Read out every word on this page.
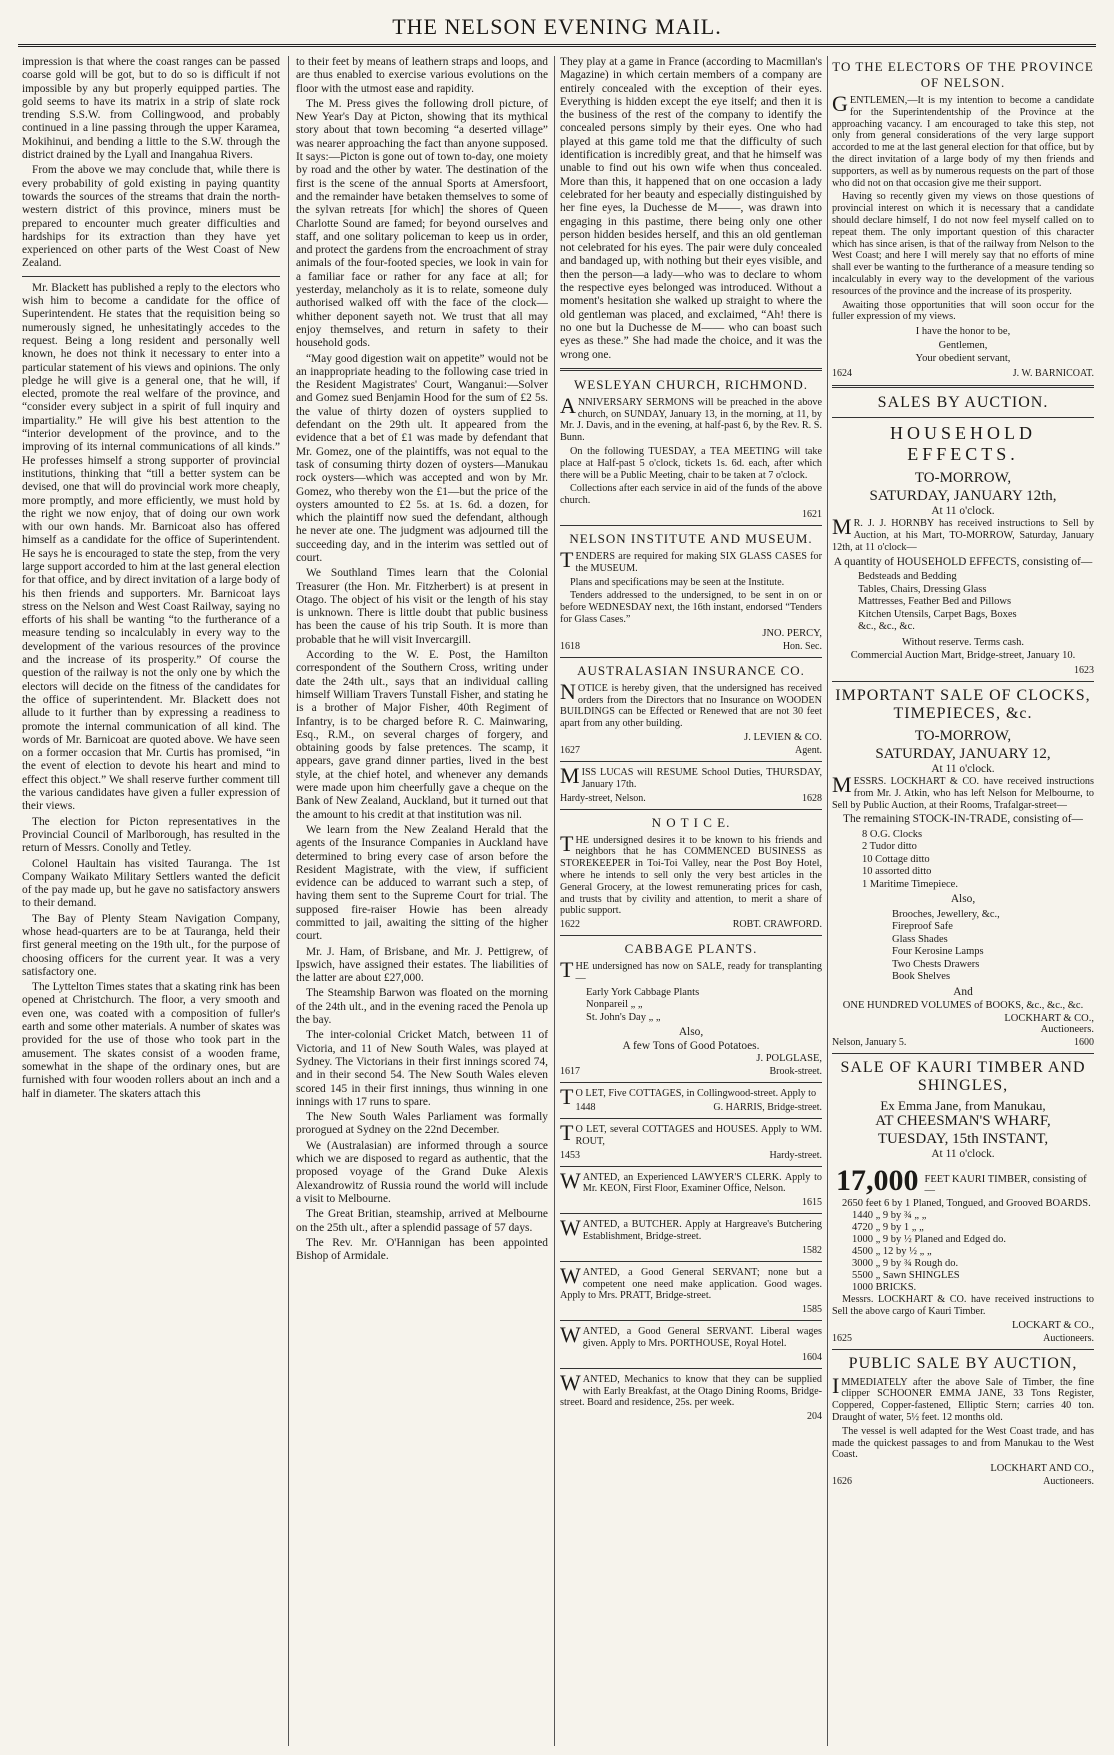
THE NELSON EVENING MAIL.

impression is that where the coast ranges can be passed coarse gold will be got, but to do so is difficult if not impossible by any but properly equipped parties. The gold seems to have its matrix in a strip of slate rock trending S.S.W. from Collingwood, and probably continued in a line passing through the upper Karamea, Mokihinui, and bending a little to the S.W. through the district drained by the Lyall and Inangahua Rivers.

From the above we may conclude that, while there is every probability of gold existing in paying quantity towards the sources of the streams that drain the north-western district of this province, miners must be prepared to encounter much greater difficulties and hardships for its extraction than they have yet experienced on other parts of the West Coast of New Zealand.

Mr. Blackett has published a reply to the electors who wish him to become a candidate for the office of Superintendent. He states that the requisition being so numerously signed, he unhesitatingly accedes to the request. Being a long resident and personally well known, he does not think it necessary to enter into a particular statement of his views and opinions. The only pledge he will give is a general one, that he will, if elected, promote the real welfare of the province, and “consider every subject in a spirit of full inquiry and impartiality.” He will give his best attention to the “interior development of the province, and to the improving of its internal communications of all kinds.” He professes himself a strong supporter of provincial institutions, thinking that “till a better system can be devised, one that will do provincial work more cheaply, more promptly, and more efficiently, we must hold by the right we now enjoy, that of doing our own work with our own hands. Mr. Barnicoat also has offered himself as a candidate for the office of Superintendent. He says he is encouraged to state the step, from the very large support accorded to him at the last general election for that office, and by direct invitation of a large body of his then friends and supporters. Mr. Barnicoat lays stress on the Nelson and West Coast Railway, saying no efforts of his shall be wanting “to the furtherance of a measure tending so incalculably in every way to the development of the various resources of the province and the increase of its prosperity.” Of course the question of the railway is not the only one by which the electors will decide on the fitness of the candidates for the office of superintendent. Mr. Blackett does not allude to it further than by expressing a readiness to promote the internal communication of all kind. The words of Mr. Barnicoat are quoted above. We have seen on a former occasion that Mr. Curtis has promised, “in the event of election to devote his heart and mind to effect this object.” We shall reserve further comment till the various candidates have given a fuller expression of their views.

The election for Picton representatives in the Provincial Council of Marlborough, has resulted in the return of Messrs. Conolly and Tetley.

Colonel Haultain has visited Tauranga. The 1st Company Waikato Military Settlers wanted the deficit of the pay made up, but he gave no satisfactory answers to their demand.

The Bay of Plenty Steam Navigation Company, whose head-quarters are to be at Tauranga, held their first general meeting on the 19th ult., for the purpose of choosing officers for the current year. It was a very satisfactory one.

The Lyttelton Times states that a skating rink has been opened at Christchurch. The floor, a very smooth and even one, was coated with a composition of fuller's earth and some other materials. A number of skates was provided for the use of those who took part in the amusement. The skates consist of a wooden frame, somewhat in the shape of the ordinary ones, but are furnished with four wooden rollers about an inch and a half in diameter. The skaters attach this

to their feet by means of leathern straps and loops, and are thus enabled to exercise various evolutions on the floor with the utmost ease and rapidity.

The M. Press gives the following droll picture, of New Year's Day at Picton, showing that its mythical story about that town becoming “a deserted village” was nearer approaching the fact than anyone supposed. It says:—Picton is gone out of town to-day, one moiety by road and the other by water. The destination of the first is the scene of the annual Sports at Amersfoort, and the remainder have betaken themselves to some of the sylvan retreats [for which] the shores of Queen Charlotte Sound are famed; for beyond ourselves and staff, and one solitary policeman to keep us in order, and protect the gardens from the encroachment of stray animals of the four-footed species, we look in vain for a familiar face or rather for any face at all; for yesterday, melancholy as it is to relate, someone duly authorised walked off with the face of the clock—whither deponent sayeth not. We trust that all may enjoy themselves, and return in safety to their household gods.

“May good digestion wait on appetite” would not be an inappropriate heading to the following case tried in the Resident Magistrates' Court, Wanganui:—Solver and Gomez sued Benjamin Hood for the sum of £2 5s. the value of thirty dozen of oysters supplied to defendant on the 29th ult. It appeared from the evidence that a bet of £1 was made by defendant that Mr. Gomez, one of the plaintiffs, was not equal to the task of consuming thirty dozen of oysters—Manukau rock oysters—which was accepted and won by Mr. Gomez, who thereby won the £1—but the price of the oysters amounted to £2 5s. at 1s. 6d. a dozen, for which the plaintiff now sued the defendant, although he never ate one. The judgment was adjourned till the succeeding day, and in the interim was settled out of court.

We Southland Times learn that the Colonial Treasurer (the Hon. Mr. Fitzherbert) is at present in Otago. The object of his visit or the length of his stay is unknown. There is little doubt that public business has been the cause of his trip South. It is more than probable that he will visit Invercargill.

According to the W. E. Post, the Hamilton correspondent of the Southern Cross, writing under date the 24th ult., says that an individual calling himself William Travers Tunstall Fisher, and stating he is a brother of Major Fisher, 40th Regiment of Infantry, is to be charged before R. C. Mainwaring, Esq., R.M., on several charges of forgery, and obtaining goods by false pretences. The scamp, it appears, gave grand dinner parties, lived in the best style, at the chief hotel, and whenever any demands were made upon him cheerfully gave a cheque on the Bank of New Zealand, Auckland, but it turned out that the amount to his credit at that institution was nil.

We learn from the New Zealand Herald that the agents of the Insurance Companies in Auckland have determined to bring every case of arson before the Resident Magistrate, with the view, if sufficient evidence can be adduced to warrant such a step, of having them sent to the Supreme Court for trial. The supposed fire-raiser Howie has been already committed to jail, awaiting the sitting of the higher court.

Mr. J. Ham, of Brisbane, and Mr. J. Pettigrew, of Ipswich, have assigned their estates. The liabilities of the latter are about £27,000.

The Steamship Barwon was floated on the morning of the 24th ult., and in the evening raced the Penola up the bay.

The inter-colonial Cricket Match, between 11 of Victoria, and 11 of New South Wales, was played at Sydney. The Victorians in their first innings scored 74, and in their second 54. The New South Wales eleven scored 145 in their first innings, thus winning in one innings with 17 runs to spare.

The New South Wales Parliament was formally prorogued at Sydney on the 22nd December.

We (Australasian) are informed through a source which we are disposed to regard as authentic, that the proposed voyage of the Grand Duke Alexis Alexandrowitz of Russia round the world will include a visit to Melbourne.

The Great Britian, steamship, arrived at Melbourne on the 25th ult., after a splendid passage of 57 days.

The Rev. Mr. O'Hannigan has been appointed Bishop of Armidale.

They play at a game in France (according to Macmillan's Magazine) in which certain members of a company are entirely concealed with the exception of their eyes. Everything is hidden except the eye itself; and then it is the business of the rest of the company to identify the concealed persons simply by their eyes. One who had played at this game told me that the difficulty of such identification is incredibly great, and that he himself was unable to find out his own wife when thus concealed. More than this, it happened that on one occasion a lady celebrated for her beauty and especially distinguished by her fine eyes, la Duchesse de M——, was drawn into engaging in this pastime, there being only one other person hidden besides herself, and this an old gentleman not celebrated for his eyes. The pair were duly concealed and bandaged up, with nothing but their eyes visible, and then the person—a lady—who was to declare to whom the respective eyes belonged was introduced. Without a moment's hesitation she walked up straight to where the old gentleman was placed, and exclaimed, “Ah! there is no one but la Duchesse de M—— who can boast such eyes as these.” She had made the choice, and it was the wrong one.

WESLEYAN CHURCH, RICHMOND.

ANNIVERSARY SERMONS will be preached in the above church, on SUNDAY, January 13, in the morning, at 11, by Mr. J. Davis, and in the evening, at half-past 6, by the Rev. R. S. Bunn.

On the following TUESDAY, a TEA MEETING will take place at Half-past 5 o'clock, tickets 1s. 6d. each, after which there will be a Public Meeting, chair to be taken at 7 o'clock.

Collections after each service in aid of the funds of the above church.

1621
NELSON INSTITUTE AND MUSEUM.

TENDERS are required for making SIX GLASS CASES for the MUSEUM.

Plans and specifications may be seen at the Institute.

Tenders addressed to the undersigned, to be sent in on or before WEDNESDAY next, the 16th instant, endorsed “Tenders for Glass Cases.”

JNO. PERCY,
1618	Hon. Sec.
AUSTRALASIAN INSURANCE CO.

NOTICE is hereby given, that the undersigned has received orders from the Directors that no Insurance on WOODEN BUILDINGS can be Effected or Renewed that are not 30 feet apart from any other building.

J. LEVIEN & CO.
1627	Agent.

MISS LUCAS will RESUME School Duties, THURSDAY, January 17th.

Hardy-street, Nelson.	1628
N O T I C E.

THE undersigned desires it to be known to his friends and neighbors that he has COMMENCED BUSINESS as STOREKEEPER in Toi-Toi Valley, near the Post Boy Hotel, where he intends to sell only the very best articles in the General Grocery, at the lowest remunerating prices for cash, and trusts that by civility and attention, to merit a share of public support.

1622	ROBT. CRAWFORD.
CABBAGE PLANTS.

THE undersigned has now on SALE, ready for transplanting—

Early York Cabbage Plants
Nonpareil „ „
St. John's Day „ „
Also,
A few Tons of Good Potatoes.
J. POLGLASE,
1617	Brook-street.

TO LET, Five COTTAGES, in Collingwood-street. Apply to

1448	G. HARRIS, Bridge-street.

TO LET, several COTTAGES and HOUSES. Apply to WM. ROUT,

1453	Hardy-street.

WANTED, an Experienced LAWYER'S CLERK. Apply to Mr. KEON, First Floor, Examiner Office, Nelson.

1615

WANTED, a BUTCHER. Apply at Hargreave's Butchering Establishment, Bridge-street.

1582

WANTED, a Good General SERVANT; none but a competent one need make application. Good wages. Apply to Mrs. PRATT, Bridge-street.

1585

WANTED, a Good General SERVANT. Liberal wages given. Apply to Mrs. PORTHOUSE, Royal Hotel.

1604

WANTED, Mechanics to know that they can be supplied with Early Breakfast, at the Otago Dining Rooms, Bridge-street. Board and residence, 25s. per week.

204
TO THE ELECTORS OF THE PROVINCE OF NELSON.

GENTLEMEN,—It is my intention to become a candidate for the Superintendentship of the Province at the approaching vacancy. I am encouraged to take this step, not only from general considerations of the very large support accorded to me at the last general election for that office, but by the direct invitation of a large body of my then friends and supporters, as well as by numerous requests on the part of those who did not on that occasion give me their support.

Having so recently given my views on those questions of provincial interest on which it is necessary that a candidate should declare himself, I do not now feel myself called on to repeat them. The only important question of this character which has since arisen, is that of the railway from Nelson to the West Coast; and here I will merely say that no efforts of mine shall ever be wanting to the furtherance of a measure tending so incalculably in every way to the development of the various resources of the province and the increase of its prosperity.

Awaiting those opportunities that will soon occur for the fuller expression of my views.

I have the honor to be,
Gentlemen,
Your obedient servant,
1624	J. W. BARNICOAT.
SALES BY AUCTION.
HOUSEHOLD EFFECTS.
TO-MORROW,
SATURDAY, JANUARY 12th,
At 11 o'clock.

MR. J. J. HORNBY has received instructions to Sell by Auction, at his Mart, TO-MORROW, Saturday, January 12th, at 11 o'clock—

A quantity of HOUSEHOLD EFFECTS, consisting of—
Bedsteads and Bedding
Tables, Chairs, Dressing Glass
Mattresses, Feather Bed and Pillows
Kitchen Utensils, Carpet Bags, Boxes
&c., &c., &c.
Without reserve. Terms cash.
Commercial Auction Mart, Bridge-street, January 10.
1623
IMPORTANT SALE OF CLOCKS, TIMEPIECES, &c.
TO-MORROW,
SATURDAY, JANUARY 12,
At 11 o'clock.

MESSRS. LOCKHART & CO. have received instructions from Mr. J. Atkin, who has left Nelson for Melbourne, to Sell by Public Auction, at their Rooms, Trafalgar-street—

The remaining STOCK-IN-TRADE, consisting of—
8 O.G. Clocks
2 Tudor ditto
10 Cottage ditto
10 assorted ditto
1 Maritime Timepiece.
Also,
Brooches, Jewellery, &c.,
Fireproof Safe
Glass Shades
Four Kerosine Lamps
Two Chests Drawers
Book Shelves
And
ONE HUNDRED VOLUMES of BOOKS, &c., &c., &c.
LOCKHART & CO.,
Auctioneers.
Nelson, January 5.	1600
SALE OF KAURI TIMBER AND SHINGLES,
Ex Emma Jane, from Manukau,
AT CHEESMAN'S WHARF,
TUESDAY, 15th INSTANT,
At 11 o'clock.
17,000 FEET KAURI TIMBER, consisting of—
2650 feet 6 by 1 Planed, Tongued, and Grooved BOARDS.
1440 „ 9 by ¾ „ „
4720 „ 9 by 1 „ „
1000 „ 9 by ½ Planed and Edged do.
4500 „ 12 by ½ „ „
3000 „ 9 by ¾ Rough do.
5500 „ Sawn SHINGLES
1000 BRICKS.

Messrs. LOCKHART & CO. have received instructions to Sell the above cargo of Kauri Timber.

LOCKART & CO.,
1625	Auctioneers.
PUBLIC SALE BY AUCTION,

IMMEDIATELY after the above Sale of Timber, the fine clipper SCHOONER EMMA JANE, 33 Tons Register, Coppered, Copper-fastened, Elliptic Stern; carries 40 ton. Draught of water, 5½ feet. 12 months old.

The vessel is well adapted for the West Coast trade, and has made the quickest passages to and from Manukau to the West Coast.

LOCKHART AND CO.,
1626	Auctioneers.
